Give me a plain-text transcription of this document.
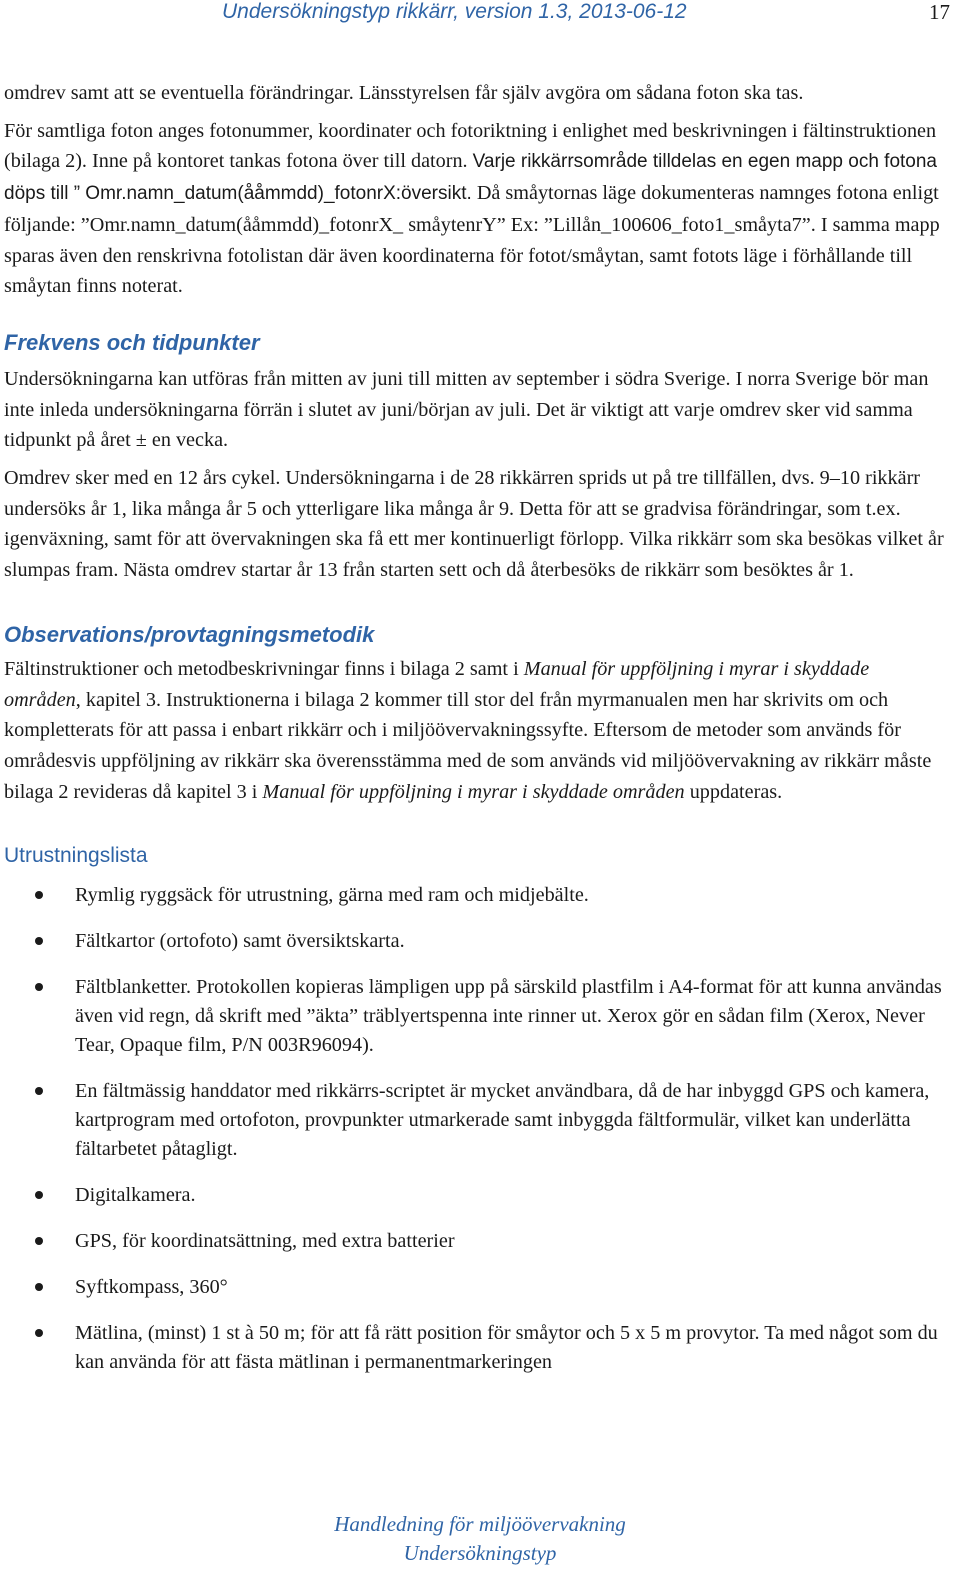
Undersökningstyp rikkärr, version 1.3, 2013-06-12	17

omdrev samt att se eventuella förändringar. Länsstyrelsen får själv avgöra om sådana foton ska tas.

För samtliga foton anges fotonummer, koordinater och fotoriktning i enlighet med beskrivningen i fältinstruktionen (bilaga 2). Inne på kontoret tankas fotona över till datorn. Varje rikkärrsområde tilldelas en egen mapp och fotona döps till ” Omr.namn_datum(ååmmdd)_fotonrX:översikt. Då småytornas läge dokumenteras namnges fotona enligt följande: ”Omr.namn_datum(ååmmdd)_fotonrX_ småytenrY” Ex: ”Lillån_100606_foto1_småyta7”. I samma mapp sparas även den renskrivna fotolistan där även koordinaterna för fotot/småytan, samt fotots läge i förhållande till småytan finns noterat.

Frekvens och tidpunkter

Undersökningarna kan utföras från mitten av juni till mitten av september i södra Sverige. I norra Sverige bör man inte inleda undersökningarna förrän i slutet av juni/början av juli. Det är viktigt att varje omdrev sker vid samma tidpunkt på året ± en vecka.

Omdrev sker med en 12 års cykel. Undersökningarna i de 28 rikkärren sprids ut på tre tillfällen, dvs. 9–10 rikkärr undersöks år 1, lika många år 5 och ytterligare lika många år 9. Detta för att se gradvisa förändringar, som t.ex. igenväxning, samt för att övervakningen ska få ett mer kontinuerligt förlopp. Vilka rikkärr som ska besökas vilket år slumpas fram. Nästa omdrev startar år 13 från starten sett och då återbesöks de rikkärr som besöktes år 1.

Observations/provtagningsmetodik

Fältinstruktioner och metodbeskrivningar finns i bilaga 2 samt i Manual för uppföljning i myrar i skyddade områden, kapitel 3. Instruktionerna i bilaga 2 kommer till stor del från myrmanualen men har skrivits om och kompletterats för att passa i enbart rikkärr och i miljöövervakningssyfte. Eftersom de metoder som används för områdesvis uppföljning av rikkärr ska överensstämma med de som används vid miljöövervakning av rikkärr måste bilaga 2 revideras då kapitel 3 i Manual för uppföljning i myrar i skyddade områden uppdateras.

Utrustningslista
Rymlig ryggsäck för utrustning, gärna med ram och midjebälte.
Fältkartor (ortofoto) samt översiktskarta.
Fältblanketter. Protokollen kopieras lämpligen upp på särskild plastfilm i A4-format för att kunna användas även vid regn, då skrift med ”äkta” träblyertspenna inte rinner ut. Xerox gör en sådan film (Xerox, Never Tear, Opaque film, P/N 003R96094).
En fältmässig handdator med rikkärrs-scriptet är mycket användbara, då de har inbyggd GPS och kamera, kartprogram med ortofoton, provpunkter utmarkerade samt inbyggda fältformulär, vilket kan underlätta fältarbetet påtagligt.
Digitalkamera.
GPS, för koordinatsättning, med extra batterier
Syftkompass, 360°
Mätlina, (minst) 1 st à 50 m; för att få rätt position för småytor och 5 x 5 m provytor. Ta med något som du kan använda för att fästa mätlinan i permanentmarkeringen
Handledning för miljöövervakning
Undersökningstyp
